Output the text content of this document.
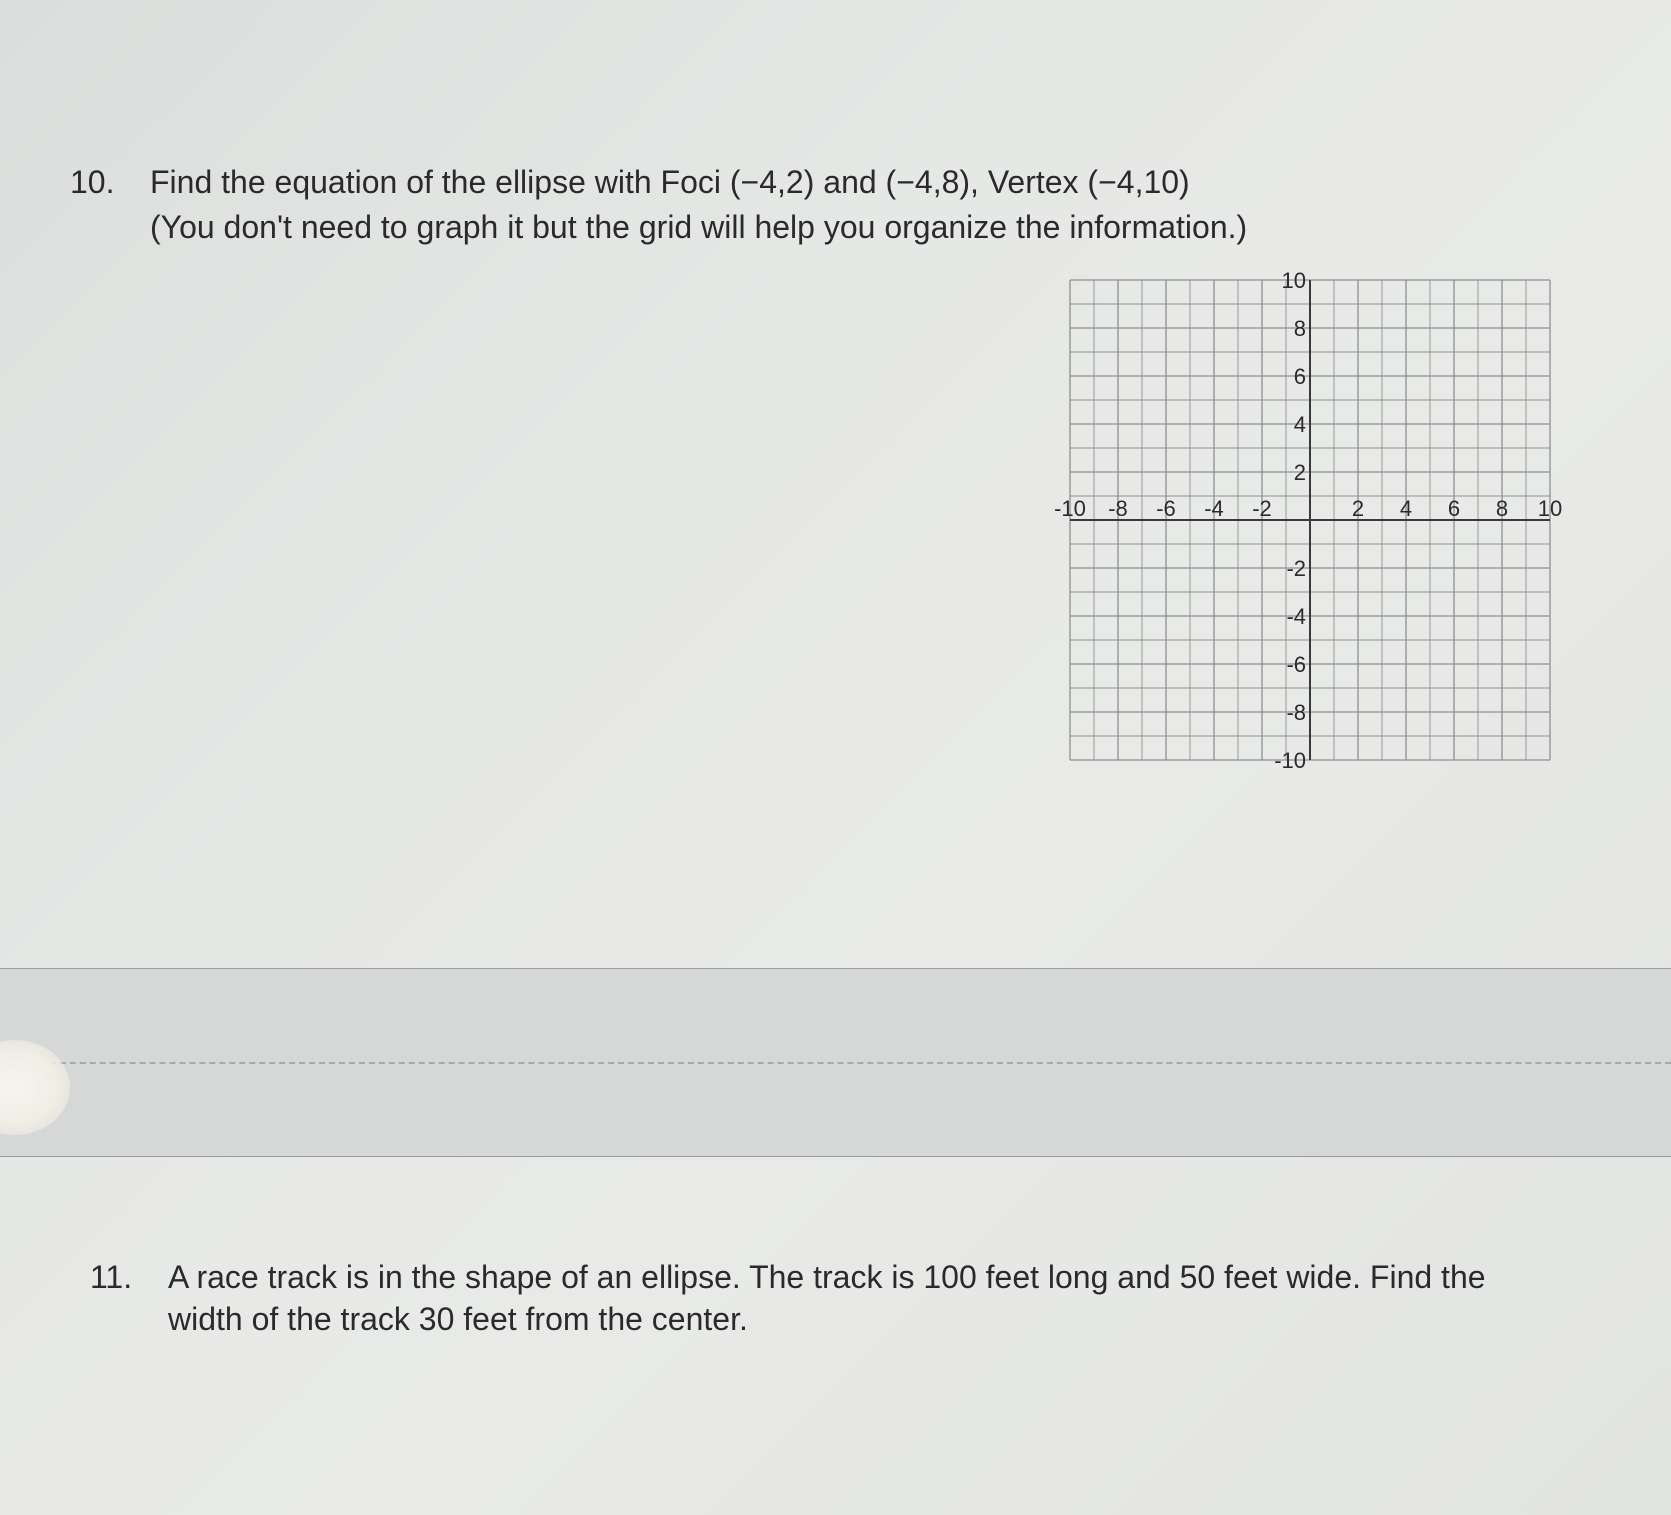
10. Find the equation of the ellipse with Foci (−4,2) and (−4,8), Vertex (−4,10)
(You don't need to graph it but the grid will help you organize the information.)
-10 -8 -6 -4 -2	2 4 6 8 10
10
8
6
4
2
-2
-4
-6
-8
-10
11. A race track is in the shape of an ellipse. The track is 100 feet long and 50 feet wide. Find the
width of the track 30 feet from the center.
